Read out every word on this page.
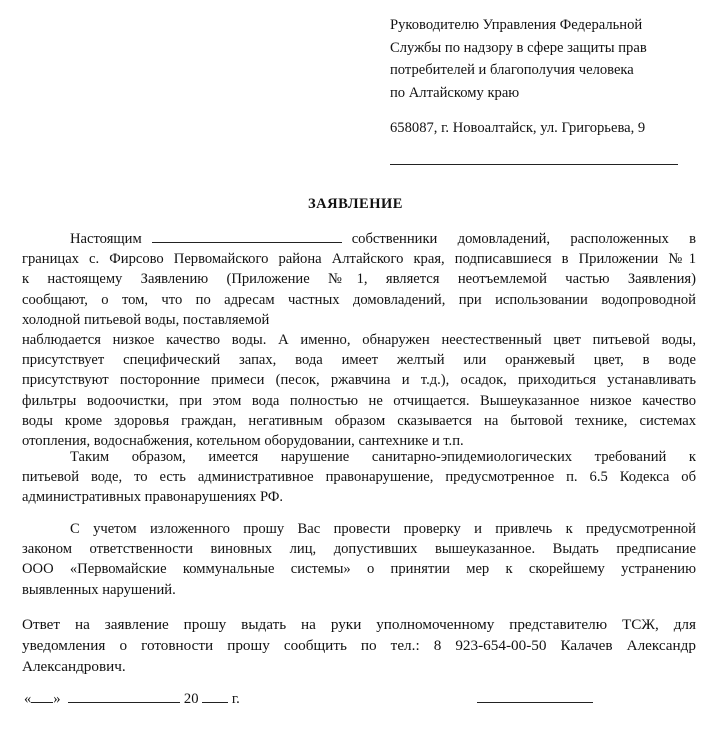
Руководителю Управления Федеральной
Службы по надзору в сфере защиты прав
потребителей и благополучия человека
по Алтайскому краю
658087, г. Новоалтайск, ул. Григорьева, 9
ЗАЯВЛЕНИЕ
Настоящим	собственники домовладений, расположенных в
границах с. Фирсово Первомайского района Алтайского края, подписавшиеся в Приложении №1
к настоящему Заявлению (Приложение №1, является неотъемлемой частью Заявления)
сообщают, о том, что по адресам частных домовладений, при использовании водопроводной
холодной питьевой воды, поставляемой
наблюдается низкое качество воды. А именно, обнаружен неестественный цвет питьевой воды,
присутствует специфический запах, вода имеет желтый или оранжевый цвет, в воде
присутствуют посторонние примеси (песок, ржавчина и т.д.), осадок, приходиться устанавливать
фильтры водоочистки, при этом вода полностью не отчищается. Вышеуказанное низкое качество
воды кроме здоровья граждан, негативным образом сказывается на бытовой технике, системах
отопления, водоснабжения, котельном оборудовании, сантехнике и т.п.
Таким образом, имеется нарушение санитарно-эпидемиологических требований к
питьевой воде, то есть административное правонарушение, предусмотренное п. 6.5 Кодекса об
административных правонарушениях РФ.
С учетом изложенного прошу Вас провести проверку и привлечь к предусмотренной
законом ответственности виновных лиц, допустивших вышеуказанное. Выдать предписание
ООО «Первомайские коммунальные системы» о принятии мер к скорейшему устранению
выявленных нарушений.
Ответ на заявление прошу выдать на руки уполномоченному представителю ТСЖ, для
уведомления о готовности прошу сообщить по тел.: 8 923-654-00-50 Калачев Александр
Александрович.
« »	20 г.
